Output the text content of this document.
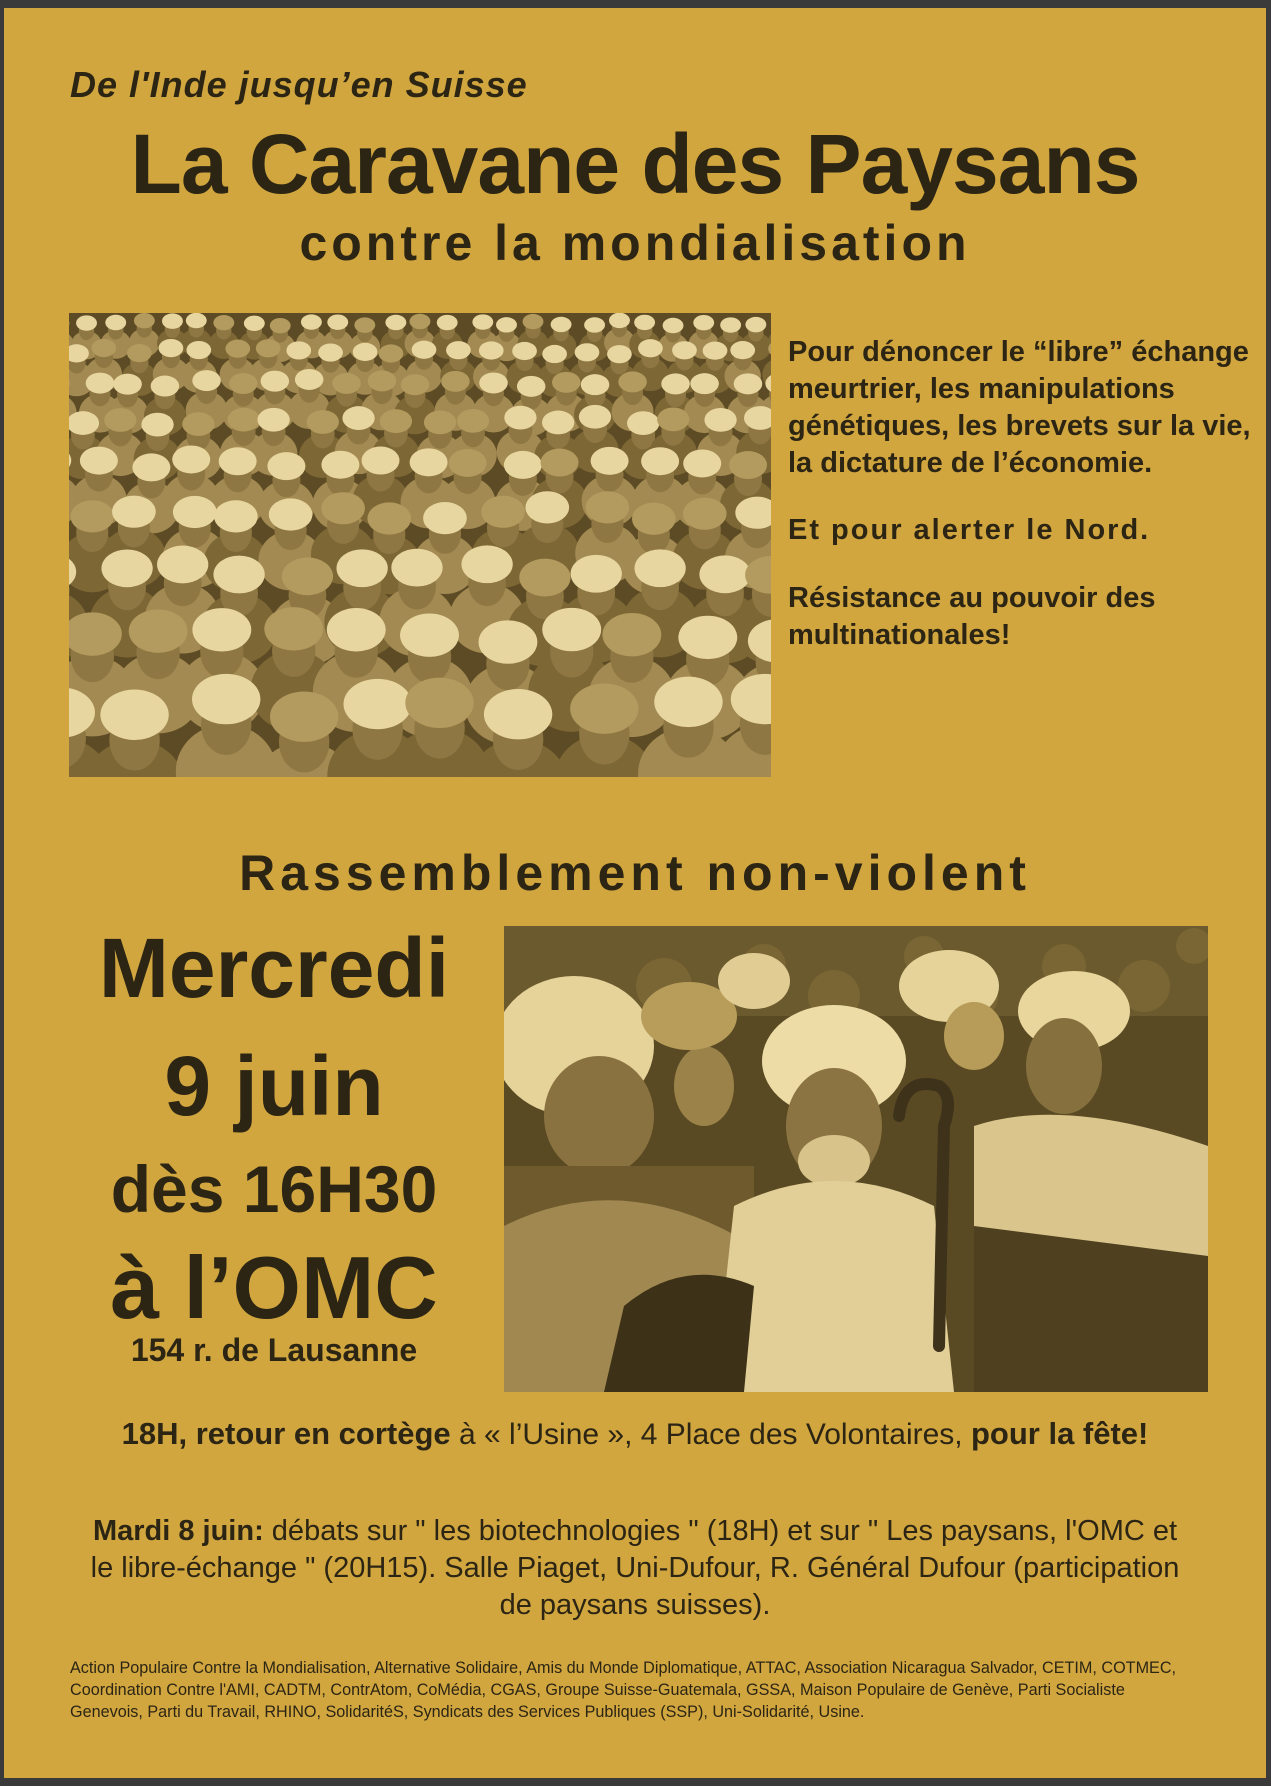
De l'Inde jusqu’en Suisse
La Caravane des Paysans
contre la mondialisation

Pour dénoncer le “libre” échange meurtrier, les manipulations génétiques, les brevets sur la vie, la dictature de l’économie.

Et pour alerter le Nord.

Résistance au pouvoir des multinationales!

Rassemblement non-violent
Mercredi
9 juin
dès 16H30
à l’OMC
154 r. de Lausanne
18H, retour en cortège à « l’Usine », 4 Place des Volontaires, pour la fête!
Mardi 8 juin: débats sur " les biotechnologies " (18H) et sur " Les paysans, l'OMC et le libre-échange " (20H15). Salle Piaget, Uni-Dufour, R. Général Dufour (participation de paysans suisses).
Action Populaire Contre la Mondialisation, Alternative Solidaire, Amis du Monde Diplomatique, ATTAC, Association Nicaragua Salvador, CETIM, COTMEC, Coordination Contre l'AMI, CADTM, ContrAtom, CoMédia, CGAS, Groupe Suisse-Guatemala, GSSA, Maison Populaire de Genève, Parti Socialiste Genevois, Parti du Travail, RHINO, SolidaritéS, Syndicats des Services Publiques (SSP), Uni-Solidarité, Usine.
